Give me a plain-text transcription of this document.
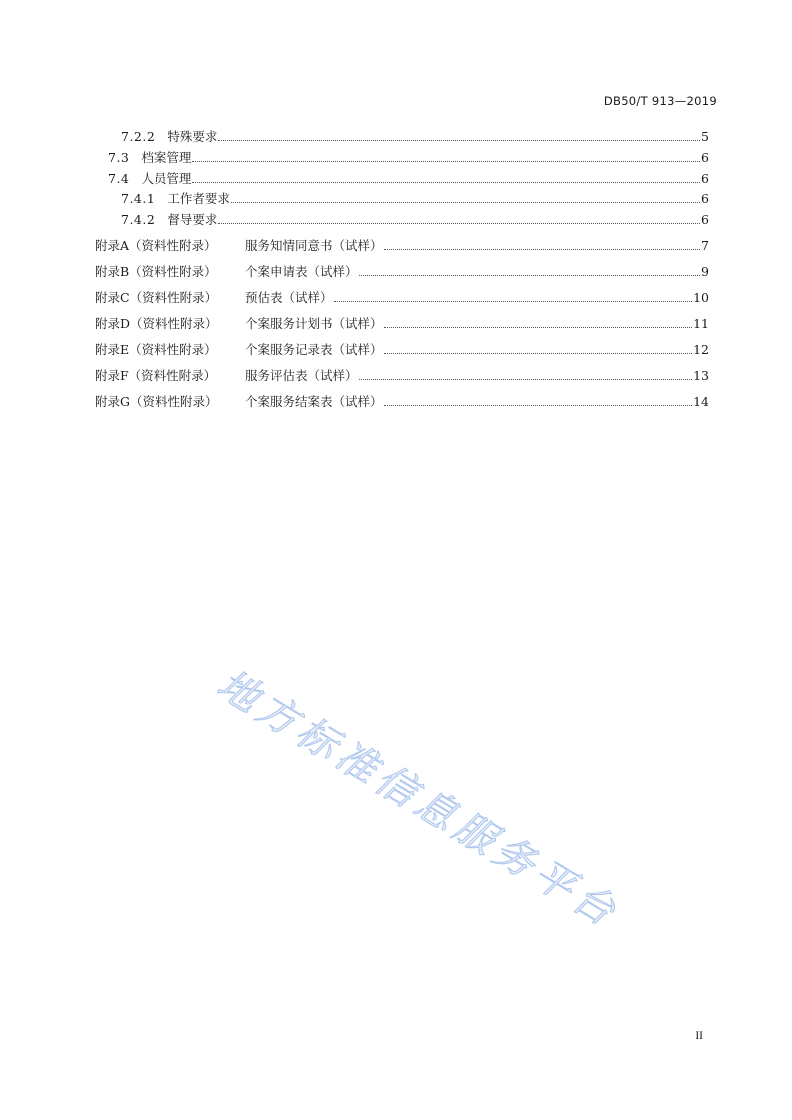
DB50/T 913—2019
7.2.2 特殊要求	5
7.3 档案管理	6
7.4 人员管理	6
7.4.1 工作者要求	6
7.4.2 督导要求	6
附录A（资料性附录）	服务知情同意书（试样）	7
附录B（资料性附录）	个案申请表（试样）	9
附录C（资料性附录）	预估表（试样）	10
附录D（资料性附录）	个案服务计划书（试样）	11
附录E（资料性附录）	个案服务记录表（试样）	12
附录F（资料性附录）	服务评估表（试样）	13
附录G（资料性附录）	个案服务结案表（试样）	14
地方标准信息服务平台
II
